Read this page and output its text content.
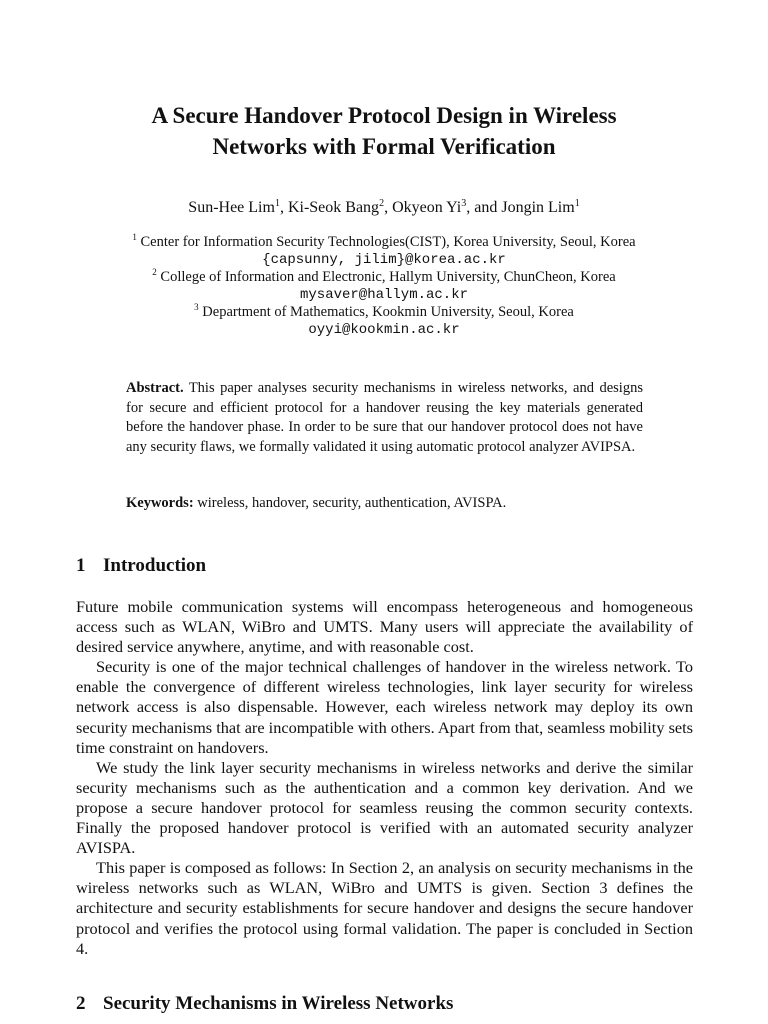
A Secure Handover Protocol Design in Wireless
Networks with Formal Verification
Sun-Hee Lim$^1$, Ki-Seok Bang$^2$, Okyeon Yi$^3$, and Jongin Lim$^1$
$^1$ Center for Information Security Technologies(CIST), Korea University, Seoul, Korea
{capsunny, jilim}@korea.ac.kr
$^2$ College of Information and Electronic, Hallym University, ChunCheon, Korea
mysaver@hallym.ac.kr
$^3$ Department of Mathematics, Kookmin University, Seoul, Korea
oyyi@kookmin.ac.kr

Abstract. This paper analyses security mechanisms in wireless networks, and designs for secure and efficient protocol for a handover reusing the key materials generated before the handover phase. In order to be sure that our handover protocol does not have any security flaws, we formally validated it using automatic protocol analyzer AVIPSA.

Keywords: wireless, handover, security, authentication, AVISPA.

1 Introduction

Future mobile communication systems will encompass heterogeneous and homogeneous access such as WLAN, WiBro and UMTS. Many users will appreciate the availability of desired service anywhere, anytime, and with reasonable cost.

Security is one of the major technical challenges of handover in the wireless network. To enable the convergence of different wireless technologies, link layer security for wireless network access is also dispensable. However, each wireless network may deploy its own security mechanisms that are incompatible with others. Apart from that, seamless mobility sets time constraint on handovers.

We study the link layer security mechanisms in wireless networks and derive the similar security mechanisms such as the authentication and a common key derivation. And we propose a secure handover protocol for seamless reusing the common security contexts. Finally the proposed handover protocol is verified with an automated security analyzer AVISPA.

This paper is composed as follows: In Section 2, an analysis on security mechanisms in the wireless networks such as WLAN, WiBro and UMTS is given. Section 3 defines the architecture and security establishments for secure handover and designs the secure handover protocol and verifies the protocol using formal validation. The paper is concluded in Section 4.

2 Security Mechanisms in Wireless Networks
